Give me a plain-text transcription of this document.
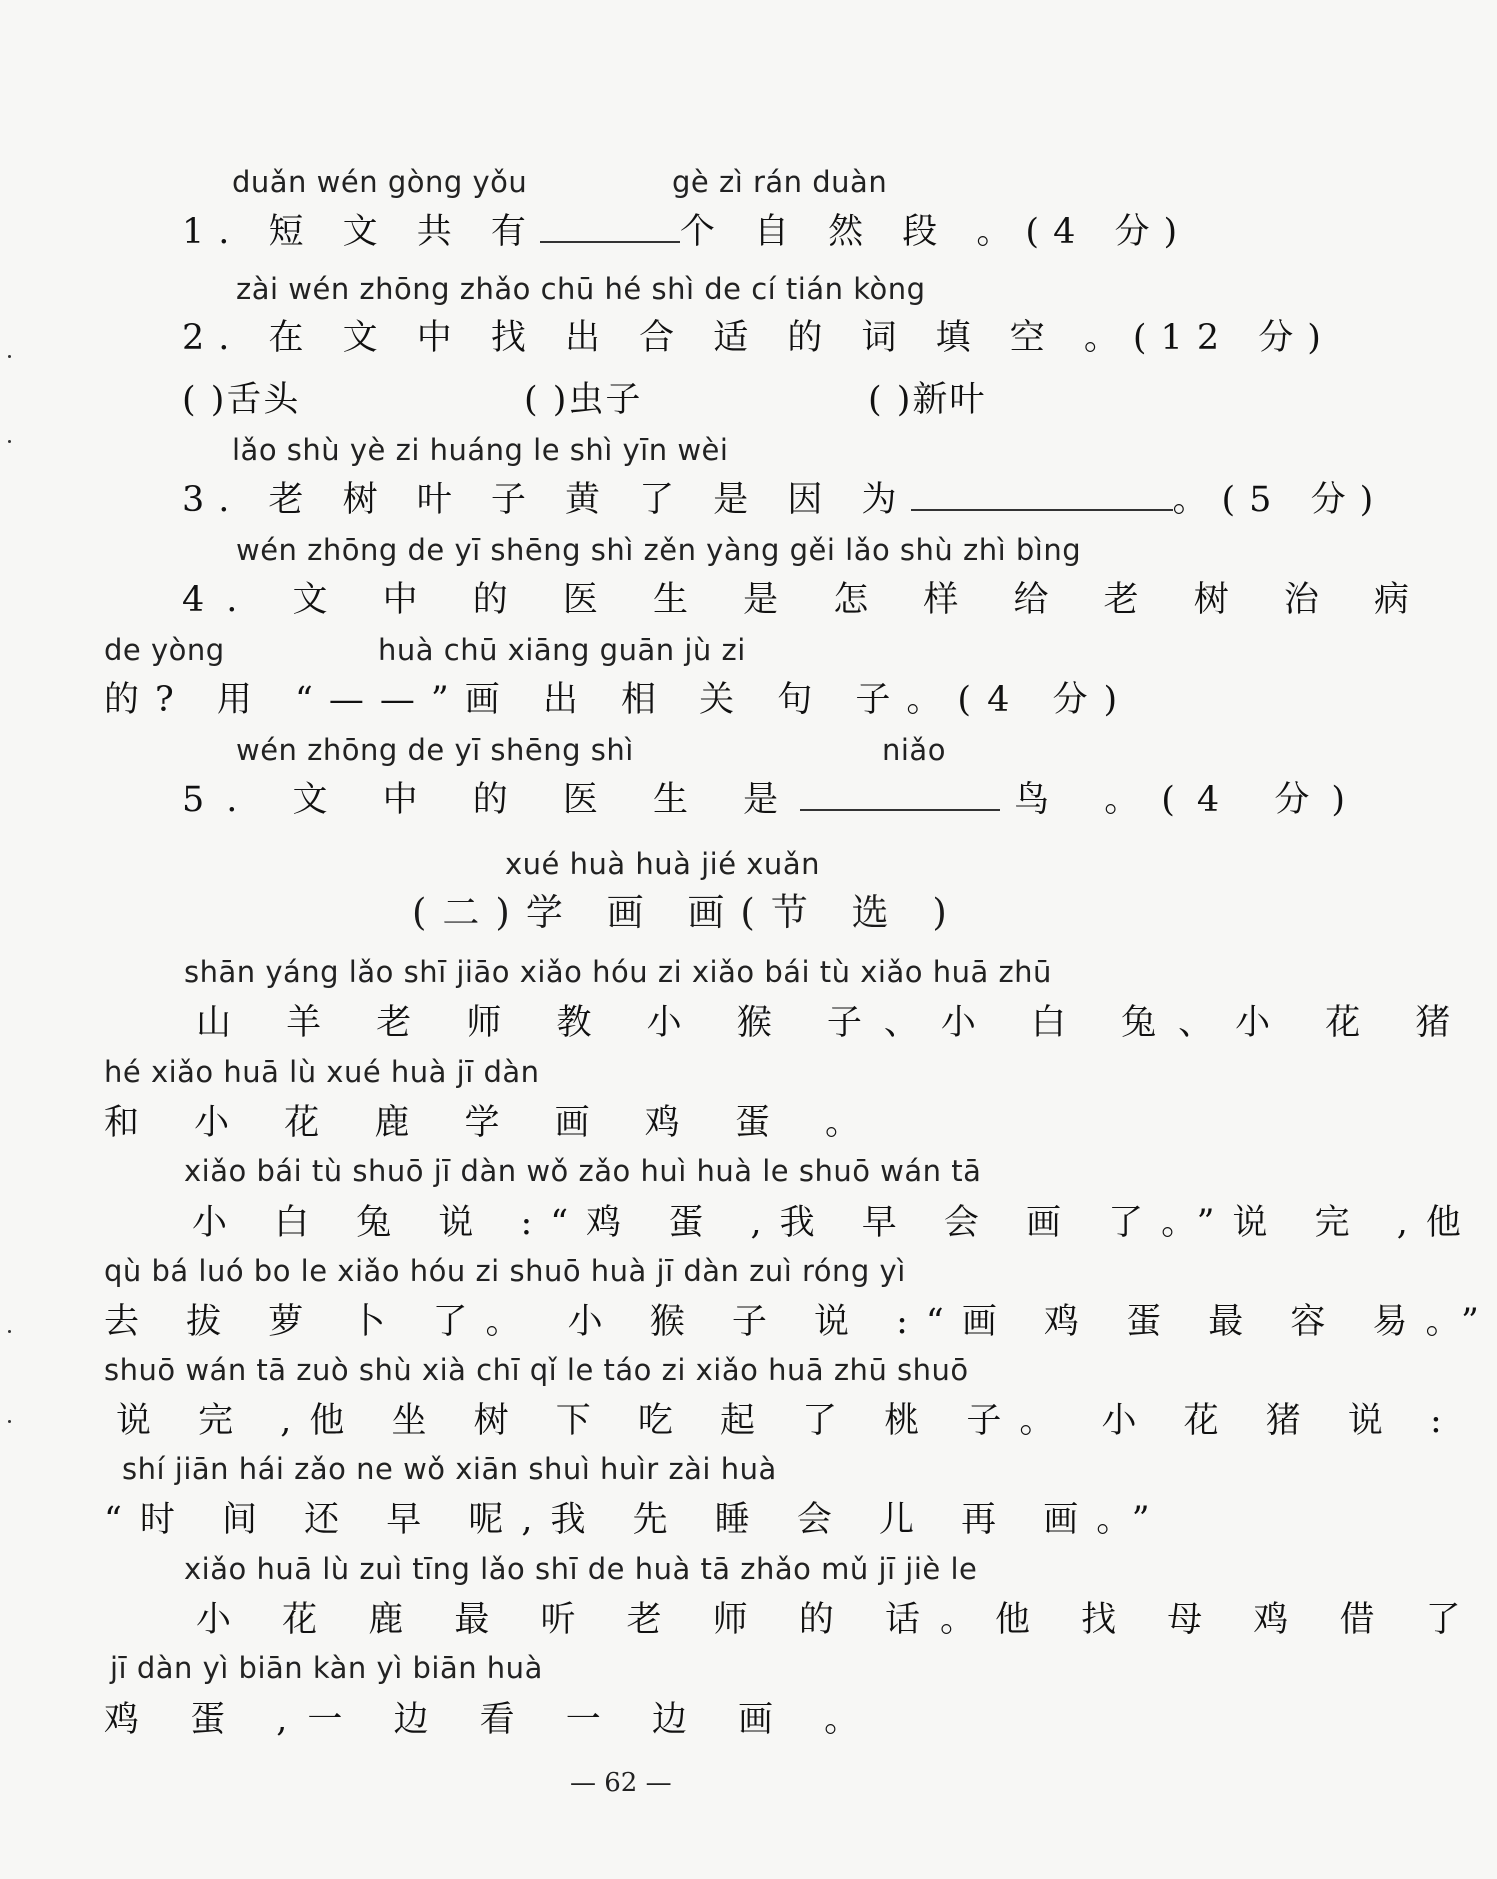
duǎn wén gòng yǒu	gè zì rán duàn
1. 短 文 共 有	个 自 然 段 。(4 分)
zài wén zhōng zhǎo chū hé shì de cí tián kòng
2. 在 文 中 找 出 合 适 的 词 填 空 。(12 分)
( )舌头	( )虫子	( )新叶
lǎo shù yè zi huáng le shì yīn wèi
3. 老 树 叶 子 黄 了 是 因 为	。(5 分)
wén zhōng de yī shēng shì zěn yàng gěi lǎo shù zhì bìng
4. 文 中 的 医 生 是 怎 样 给 老 树 治 病
de yòng	huà chū xiāng guān jù zi
的? 用 “——”画 出 相 关 句 子。(4 分)
wén zhōng de yī shēng shì	niǎo
5. 文 中 的 医 生 是	鸟 。(4 分)
xué huà huà jié xuǎn
(二)学 画 画(节 选 )
shān yáng lǎo shī jiāo xiǎo hóu zi xiǎo bái tù xiǎo huā zhū
山 羊 老 师 教 小 猴 子、小 白 兔、小 花 猪
hé xiǎo huā lù xué huà jī dàn
和 小 花 鹿 学 画 鸡 蛋 。
xiǎo bái tù shuō jī dàn wǒ zǎo huì huà le shuō wán tā
小 白 兔 说 :“鸡 蛋 ,我 早 会 画 了。”说 完 ,他
qù bá luó bo le xiǎo hóu zi shuō huà jī dàn zuì róng yì
去 拔 萝 卜 了。 小 猴 子 说 :“画 鸡 蛋 最 容 易。”
shuō wán tā zuò shù xià chī qǐ le táo zi xiǎo huā zhū shuō
说 完 ,他 坐 树 下 吃 起 了 桃 子。 小 花 猪 说 :
shí jiān hái zǎo ne wǒ xiān shuì huìr zài huà
“时 间 还 早 呢,我 先 睡 会 儿 再 画。”
xiǎo huā lù zuì tīng lǎo shī de huà tā zhǎo mǔ jī jiè le
小 花 鹿 最 听 老 师 的 话。他 找 母 鸡 借 了
jī dàn yì biān kàn yì biān huà
鸡 蛋 ,一 边 看 一 边 画 。
— 62 —
